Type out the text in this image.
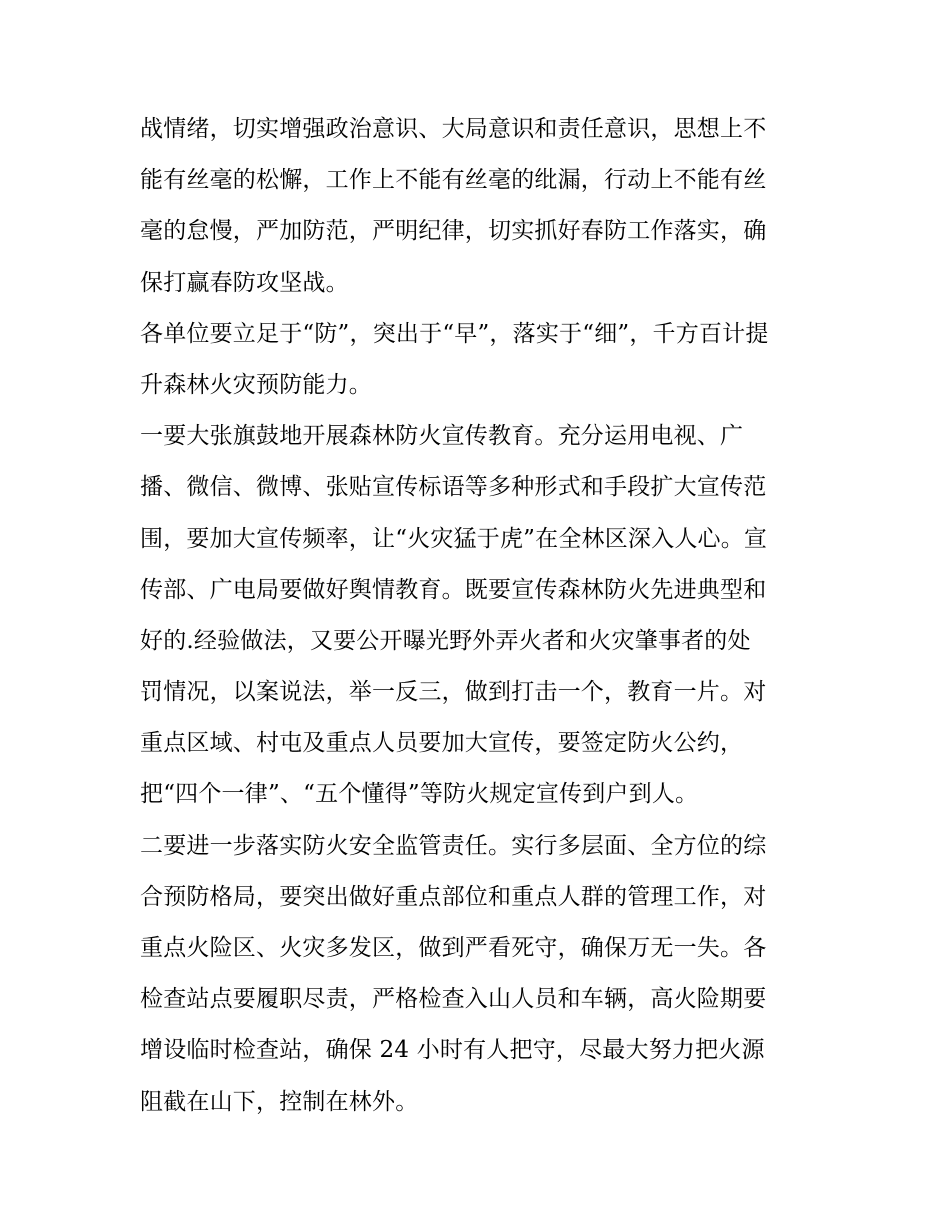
战情绪，切实增强政治意识、大局意识和责任意识，思想上不
能有丝毫的松懈，工作上不能有丝毫的纰漏，行动上不能有丝
毫的怠慢，严加防范，严明纪律，切实抓好春防工作落实，确
保打赢春防攻坚战。
各单位要立足于“防”，突出于“早”，落实于“细”，千方百计提
升森林火灾预防能力。
一要大张旗鼓地开展森林防火宣传教育。充分运用电视、广
播、微信、微博、张贴宣传标语等多种形式和手段扩大宣传范
围，要加大宣传频率，让“火灾猛于虎”在全林区深入人心。宣
传部、广电局要做好舆情教育。既要宣传森林防火先进典型和
好的.经验做法，又要公开曝光野外弄火者和火灾肇事者的处
罚情况，以案说法，举一反三，做到打击一个，教育一片。对
重点区域、村屯及重点人员要加大宣传，要签定防火公约，
把“四个一律”、“五个懂得”等防火规定宣传到户到人。
二要进一步落实防火安全监管责任。实行多层面、全方位的综
合预防格局，要突出做好重点部位和重点人群的管理工作，对
重点火险区、火灾多发区，做到严看死守，确保万无一失。各
检查站点要履职尽责，严格检查入山人员和车辆，高火险期要
增设临时检查站，确保 24 小时有人把守，尽最大努力把火源
阻截在山下，控制在林外。
